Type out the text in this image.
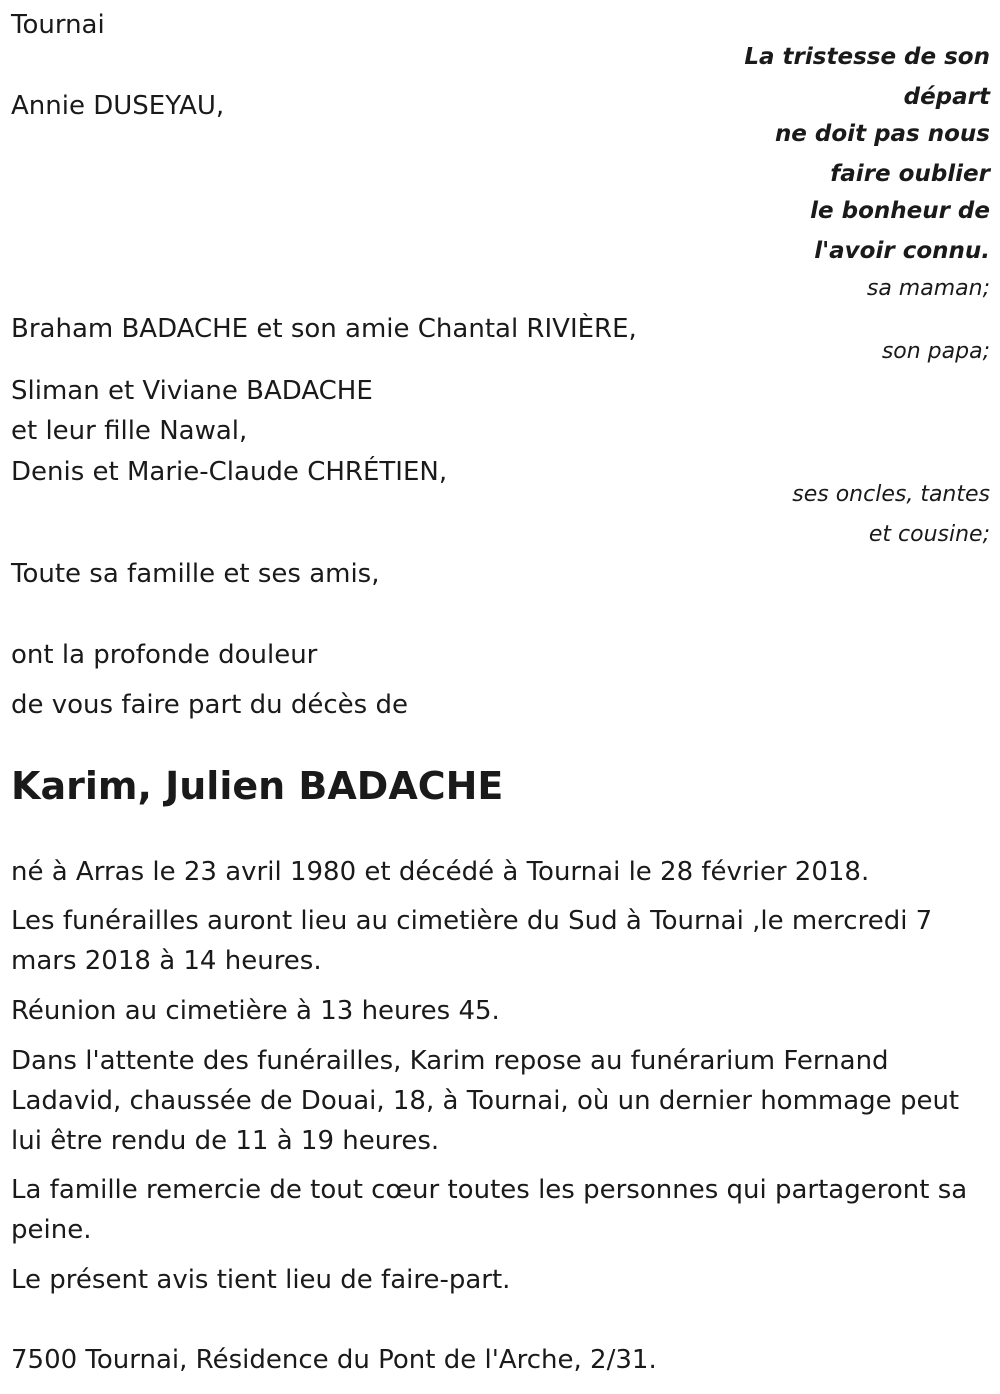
Tournai

La tristesse de son

départ

ne doit pas nous

faire oublier

le bonheur de

l'avoir connu.

Annie DUSEYAU,

sa maman;

Braham BADACHE et son amie Chantal RIVIÈRE,

son papa;

Sliman et Viviane BADACHE

et leur fille Nawal,

Denis et Marie-Claude CHRÉTIEN,

ses oncles, tantes

et cousine;

Toute sa famille et ses amis,

ont la profonde douleur

de vous faire part du décès de

Karim, Julien BADACHE

né à Arras le 23 avril 1980 et décédé à Tournai le 28 février 2018.

Les funérailles auront lieu au cimetière du Sud à Tournai ,le mercredi 7 mars 2018 à 14 heures.

Réunion au cimetière à 13 heures 45.

Dans l'attente des funérailles, Karim repose au funérarium Fernand Ladavid, chaussée de Douai, 18, à Tournai, où un dernier hommage peut lui être rendu de 11 à 19 heures.

La famille remercie de tout cœur toutes les personnes qui partageront sa peine.

Le présent avis tient lieu de faire-part.

7500 Tournai, Résidence du Pont de l'Arche, 2/31.
